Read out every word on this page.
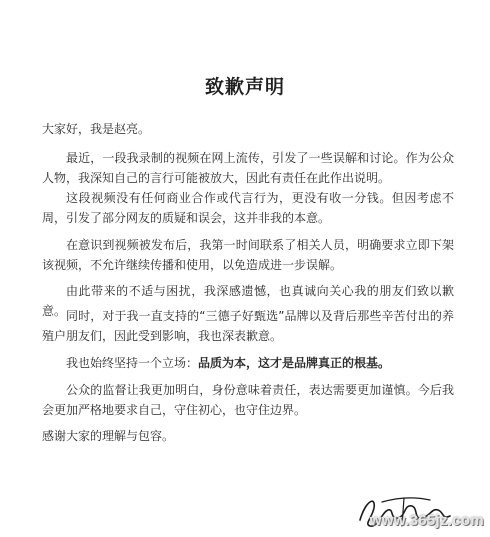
致歉声明
大家好，我是赵亮。
最近，一段我录制的视频在网上流传，引发了一些误解和讨论。作为公众人物，我深知自己的言行可能被放大，因此有责任在此作出说明。
这段视频没有任何商业合作或代言行为，更没有收一分钱。但因考虑不周，引发了部分网友的质疑和误会，这并非我的本意。
在意识到视频被发布后，我第一时间联系了相关人员，明确要求立即下架该视频，不允许继续传播和使用，以免造成进一步误解。
由此带来的不适与困扰，我深感遗憾，也真诚向关心我的朋友们致以歉意。 同时，对于我一直支持的“三德子好甄选”品牌以及背后那些辛苦付出的养殖户朋友们，因此受到影响，我也深表歉意。
我也始终坚持一个立场：品质为本，这才是品牌真正的根基。
公众的监督让我更加明白，身份意味着责任，表达需要更加谨慎。今后我会更加严格地要求自己，守住初心，也守住边界。
感谢大家的理解与包容。
www.365jz.com
